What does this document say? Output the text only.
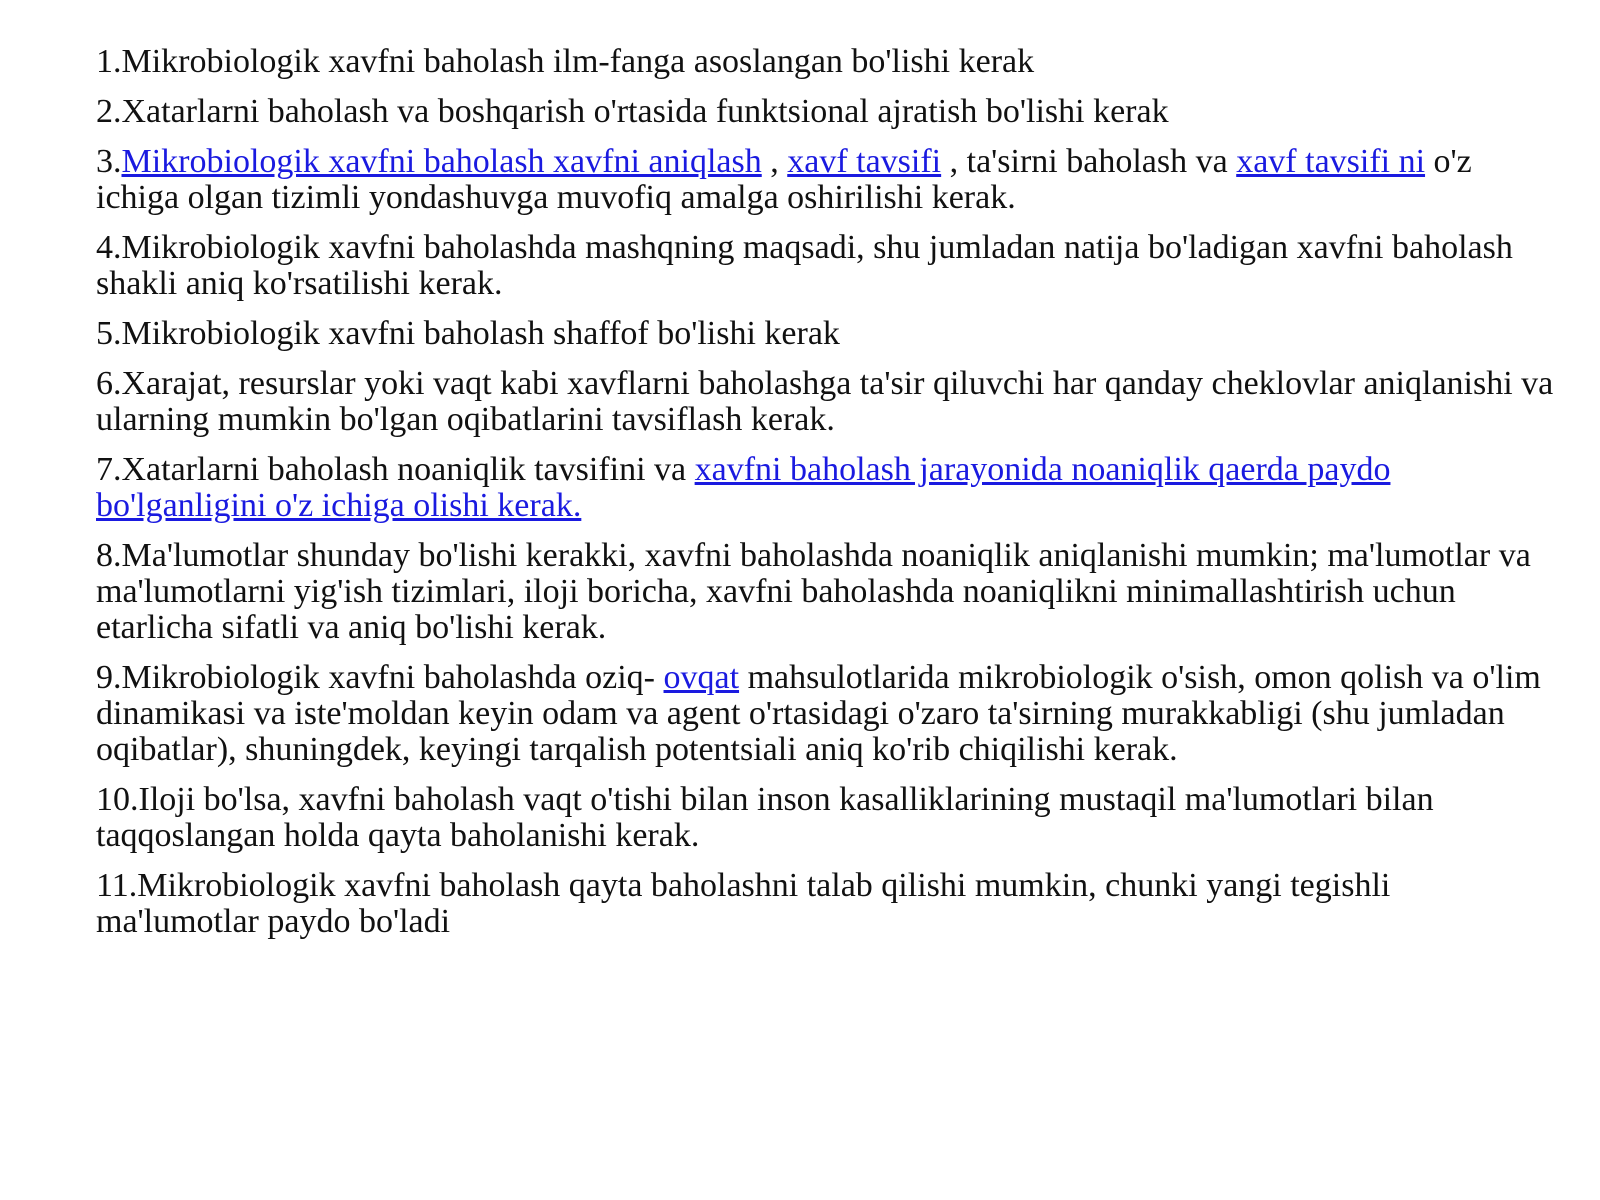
1.Mikrobiologik xavfni baholash ilm-fanga asoslangan bo'lishi kerak

2.Xatarlarni baholash va boshqarish o'rtasida funktsional ajratish bo'lishi kerak

3.Mikrobiologik xavfni baholash xavfni aniqlash , xavf tavsifi , ta'sirni baholash va xavf tavsifi ni o'z ichiga olgan tizimli yondashuvga muvofiq amalga oshirilishi kerak.

4.Mikrobiologik xavfni baholashda mashqning maqsadi, shu jumladan natija bo'ladigan xavfni baholash shakli aniq ko'rsatilishi kerak.

5.Mikrobiologik xavfni baholash shaffof bo'lishi kerak

6.Xarajat, resurslar yoki vaqt kabi xavflarni baholashga ta'sir qiluvchi har qanday cheklovlar aniqlanishi va ularning mumkin bo'lgan oqibatlarini tavsiflash kerak.

7.Xatarlarni baholash noaniqlik tavsifini va xavfni baholash jarayonida noaniqlik qaerda paydo bo'lganligini o'z ichiga olishi kerak.

8.Ma'lumotlar shunday bo'lishi kerakki, xavfni baholashda noaniqlik aniqlanishi mumkin; ma'lumotlar va ma'lumotlarni yig'ish tizimlari, iloji boricha, xavfni baholashda noaniqlikni minimallashtirish uchun etarlicha sifatli va aniq bo'lishi kerak.

9.Mikrobiologik xavfni baholashda oziq- ovqat mahsulotlarida mikrobiologik o'sish, omon qolish va o'lim dinamikasi va iste'moldan keyin odam va agent o'rtasidagi o'zaro ta'sirning murakkabligi (shu jumladan oqibatlar), shuningdek, keyingi tarqalish potentsiali aniq ko'rib chiqilishi kerak.

10.Iloji bo'lsa, xavfni baholash vaqt o'tishi bilan inson kasalliklarining mustaqil ma'lumotlari bilan taqqoslangan holda qayta baholanishi kerak.

11.Mikrobiologik xavfni baholash qayta baholashni talab qilishi mumkin, chunki yangi tegishli ma'lumotlar paydo bo'ladi
